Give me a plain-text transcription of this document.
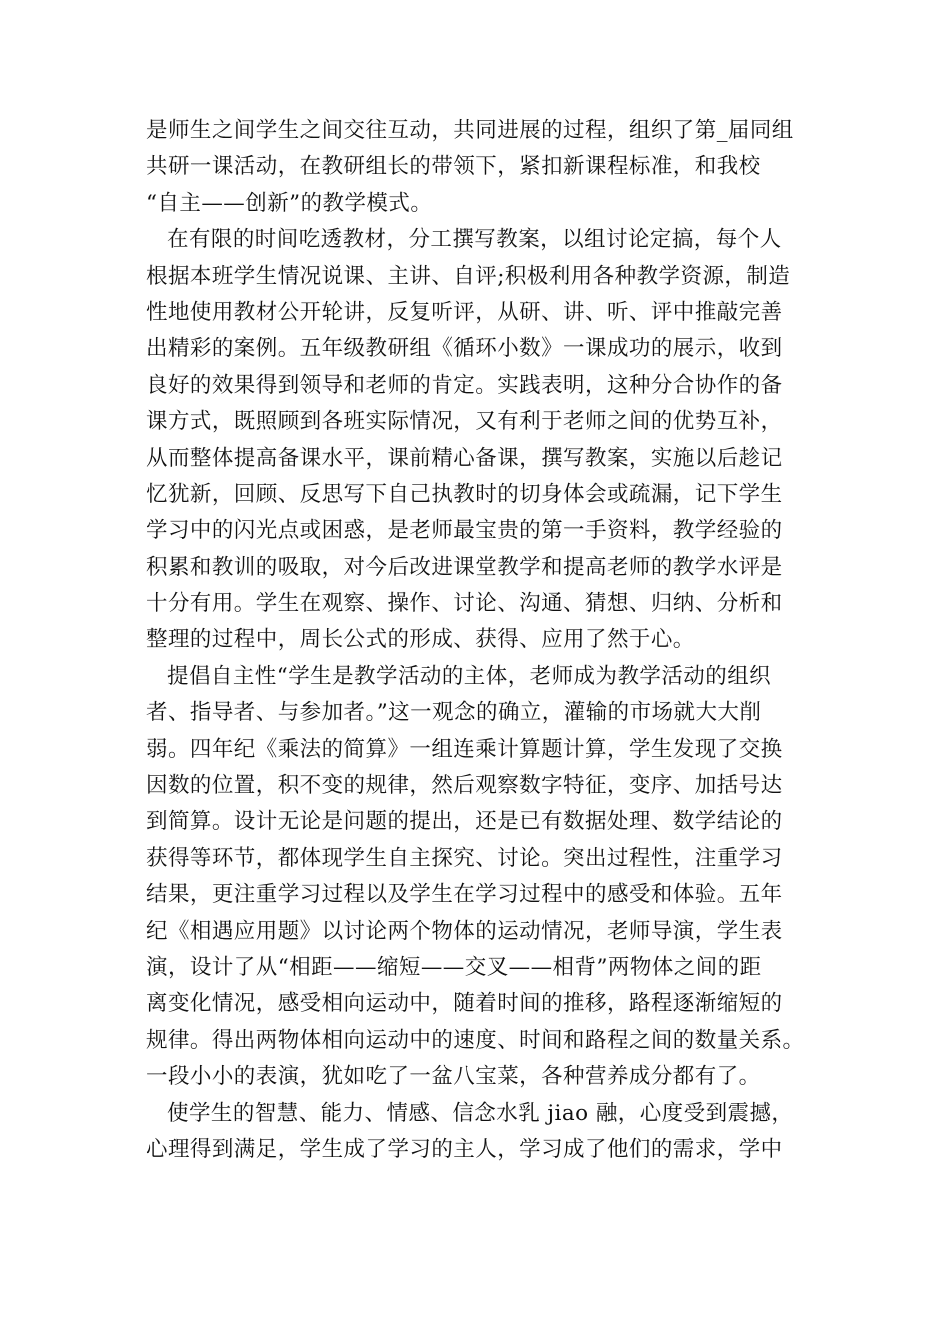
是师生之间学生之间交往互动，共同进展的过程，组织了第_届同组
共研一课活动，在教研组长的带领下，紧扣新课程标准，和我校
“自主——创新”的教学模式。
在有限的时间吃透教材，分工撰写教案，以组讨论定搞，每个人
根据本班学生情况说课、主讲、自评;积极利用各种教学资源，制造
性地使用教材公开轮讲，反复听评，从研、讲、听、评中推敲完善
出精彩的案例。五年级教研组《循环小数》一课成功的展示，收到
良好的效果得到领导和老师的肯定。实践表明，这种分合协作的备
课方式，既照顾到各班实际情况，又有利于老师之间的优势互补，
从而整体提高备课水平，课前精心备课，撰写教案，实施以后趁记
忆犹新，回顾、反思写下自己执教时的切身体会或疏漏，记下学生
学习中的闪光点或困惑，是老师最宝贵的第一手资料，教学经验的
积累和教训的吸取，对今后改进课堂教学和提高老师的教学水评是
十分有用。学生在观察、操作、讨论、沟通、猜想、归纳、分析和
整理的过程中，周长公式的形成、获得、应用了然于心。
提倡自主性“学生是教学活动的主体，老师成为教学活动的组织
者、指导者、与参加者。”这一观念的确立，灌输的市场就大大削
弱。四年纪《乘法的简算》一组连乘计算题计算，学生发现了交换
因数的位置，积不变的规律，然后观察数字特征，变序、加括号达
到简算。设计无论是问题的提出，还是已有数据处理、数学结论的
获得等环节，都体现学生自主探究、讨论。突出过程性，注重学习
结果，更注重学习过程以及学生在学习过程中的感受和体验。五年
纪《相遇应用题》以讨论两个物体的运动情况，老师导演，学生表
演，设计了从“相距——缩短——交叉——相背”两物体之间的距
离变化情况，感受相向运动中，随着时间的推移，路程逐渐缩短的
规律。得出两物体相向运动中的速度、时间和路程之间的数量关系。
一段小小的表演，犹如吃了一盆八宝菜，各种营养成分都有了。
使学生的智慧、能力、情感、信念水乳 jiao 融，心度受到震撼，
心理得到满足，学生成了学习的主人，学习成了他们的需求，学中
